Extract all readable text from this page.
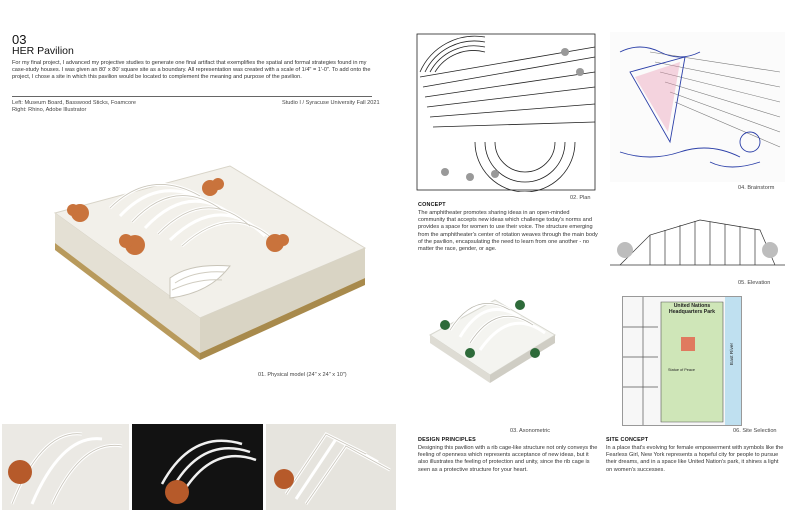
03
HER Pavilion
For my final project, I advanced my projective studies to generate one final artifact that exemplifies the spatial and formal strategies found in my case-study houses. I was given an 80' x 80' square site as a boundary. All representation was created with a scale of 1/4" = 1'-0". To add onto the project, I chose a site in which this pavilion would be located to complement the meaning and purpose of the pavilion.
Left: Museum Board, Basswood Sticks, Foamcore
Right: Rhino, Adobe Illustrator
Studio I / Syracuse University Fall 2021
01. Physical model (24" x 24" x 10")
02. Plan
04. Brainstorm
CONCEPT
The amphitheater promotes sharing ideas in an open-minded community that accepts new ideas which challenge today's norms and provides a space for women to use their voice. The structure emerging from the amphitheater's center of rotation weaves through the main body of the pavilion, encapsulating the need to learn from one another - no matter the race, gender, or age.
05. Elevation
03. Axonometric
United Nations Headquarters Park
Statue of Peace
East River
06. Site Selection
DESIGN PRINCIPLES
Designing this pavilion with a rib cage-like structure not only conveys the feeling of openness which represents acceptance of new ideas, but it also illustrates the feeling of protection and unity, since the rib cage is seen as a protective structure for your heart.
SITE CONCEPT
In a place that's evolving for female empowerment with symbols like the Fearless Girl, New York represents a hopeful city for people to pursue their dreams, and in a space like United Nation's park, it shines a light on women's successes.
